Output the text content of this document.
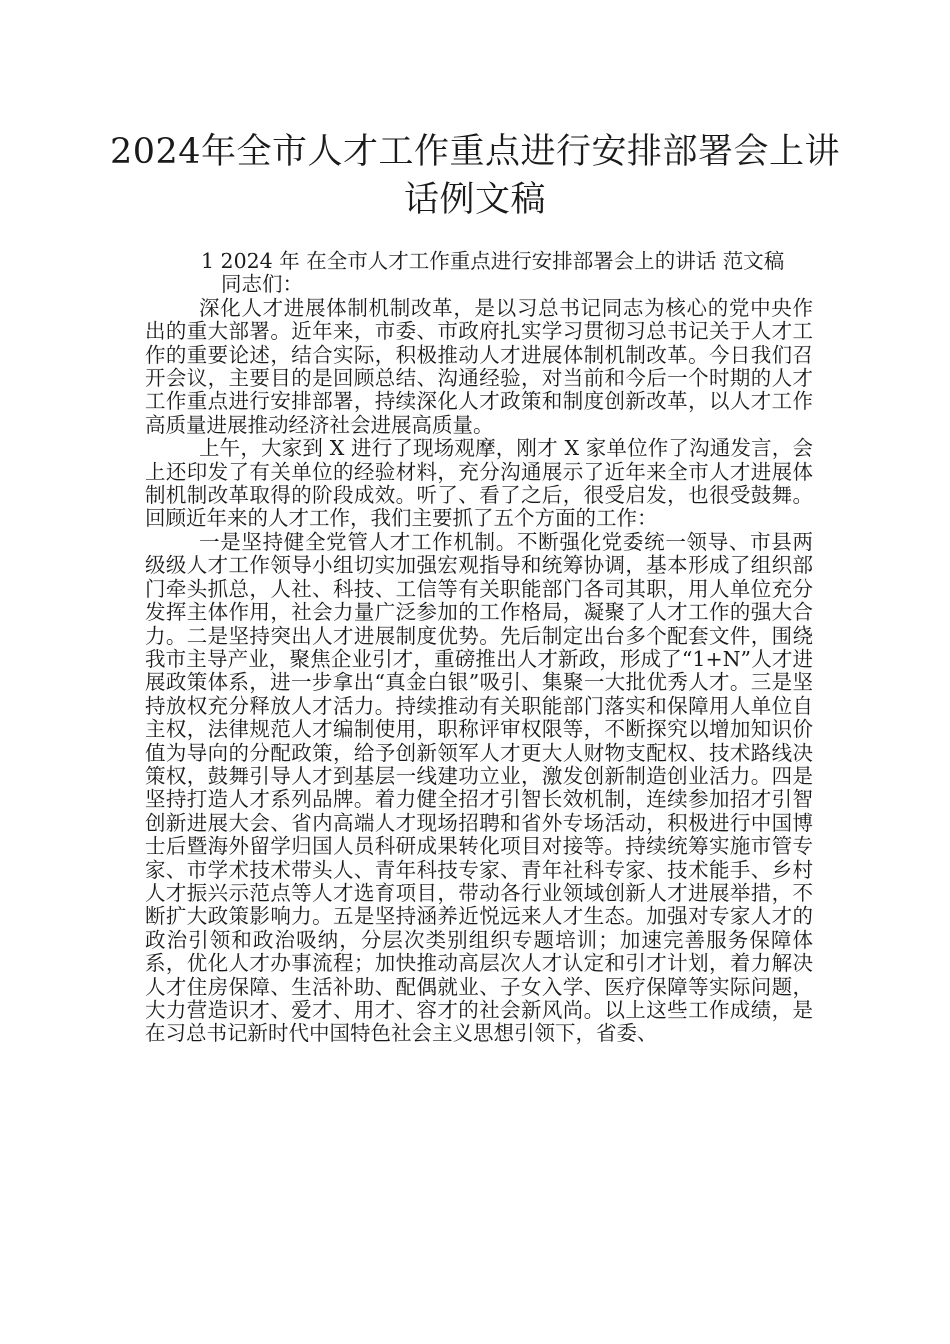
2024年全市人才工作重点进行安排部署会上讲话例文稿

1 2024 年 在全市人才工作重点进行安排部署会上的讲话 范文稿

同志们：

深化人才进展体制机制改革，是以习总书记同志为核心的党中央作出的重大部署。近年来，市委、市政府扎实学习贯彻习总书记关于人才工作的重要论述，结合实际，积极推动人才进展体制机制改革。今日我们召开会议，主要目的是回顾总结、沟通经验，对当前和今后一个时期的人才工作重点进行安排部署，持续深化人才政策和制度创新改革，以人才工作高质量进展推动经济社会进展高质量。

上午，大家到 X 进行了现场观摩，刚才 X 家单位作了沟通发言，会上还印发了有关单位的经验材料，充分沟通展示了近年来全市人才进展体制机制改革取得的阶段成效。听了、看了之后，很受启发，也很受鼓舞。回顾近年来的人才工作，我们主要抓了五个方面的工作：

一是坚持健全党管人才工作机制。不断强化党委统一领导、市县两级级人才工作领导小组切实加强宏观指导和统筹协调，基本形成了组织部门牵头抓总，人社、科技、工信等有关职能部门各司其职，用人单位充分发挥主体作用，社会力量广泛参加的工作格局，凝聚了人才工作的强大合力。二是坚持突出人才进展制度优势。先后制定出台多个配套文件，围绕我市主导产业，聚焦企业引才，重磅推出人才新政，形成了“1+N”人才进展政策体系，进一步拿出“真金白银”吸引、集聚一大批优秀人才。三是坚持放权充分释放人才活力。持续推动有关职能部门落实和保障用人单位自主权，法律规范人才编制使用，职称评审权限等，不断探究以增加知识价值为导向的分配政策，给予创新领军人才更大人财物支配权、技术路线决策权，鼓舞引导人才到基层一线建功立业，激发创新制造创业活力。四是坚持打造人才系列品牌。着力健全招才引智长效机制，连续参加招才引智创新进展大会、省内高端人才现场招聘和省外专场活动，积极进行中国博士后暨海外留学归国人员科研成果转化项目对接等。持续统筹实施市管专家、市学术技术带头人、青年科技专家、青年社科专家、技术能手、乡村人才振兴示范点等人才选育项目，带动各行业领域创新人才进展举措，不断扩大政策影响力。五是坚持涵养近悦远来人才生态。加强对专家人才的政治引领和政治吸纳，分层次类别组织专题培训；加速完善服务保障体系，优化人才办事流程；加快推动高层次人才认定和引才计划，着力解决人才住房保障、生活补助、配偶就业、子女入学、医疗保障等实际问题，大力营造识才、爱才、用才、容才的社会新风尚。以上这些工作成绩，是在习总书记新时代中国特色社会主义思想引领下，省委、
